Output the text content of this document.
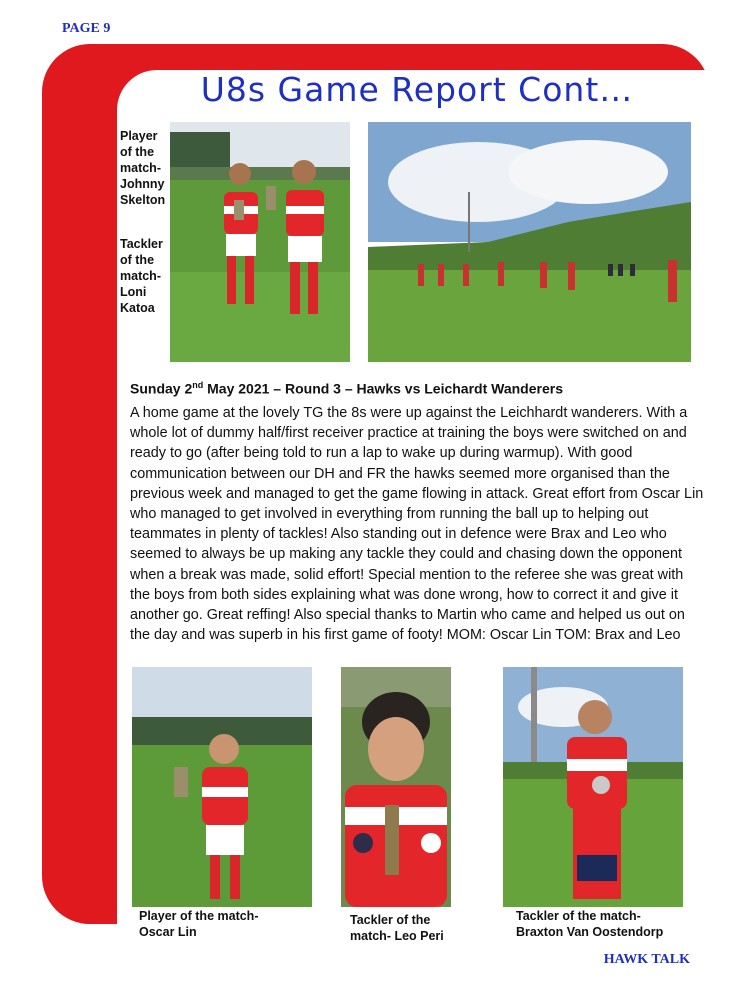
PAGE 9
U8s Game Report Cont…
Player
of the
match-
Johnny
Skelton
Tackler
of the
match-
Loni
Katoa
Sunday 2nd May 2021 – Round 3 – Hawks vs Leichardt Wanderers
A home game at the lovely TG the 8s were up against the Leichhardt wanderers. With a whole lot of dummy half/first receiver practice at training the boys were switched on and ready to go (after being told to run a lap to wake up during warmup). With good communication between our DH and FR the hawks seemed more organised than the previous week and managed to get the game flowing in attack. Great effort from Oscar Lin who managed to get involved in everything from running the ball up to helping out teammates in plenty of tackles! Also standing out in defence were Brax and Leo who seemed to always be up making any tackle they could and chasing down the opponent when a break was made, solid effort! Special mention to the referee she was great with the boys from both sides explaining what was done wrong, how to correct it and give it another go. Great reffing! Also special thanks to Martin who came and helped us out on the day and was superb in his first game of footy! MOM: Oscar Lin TOM: Brax and Leo
Player of the match-
Oscar Lin
Tackler of the
match- Leo Peri
Tackler of the match-
Braxton Van Oostendorp
HAWK TALK
